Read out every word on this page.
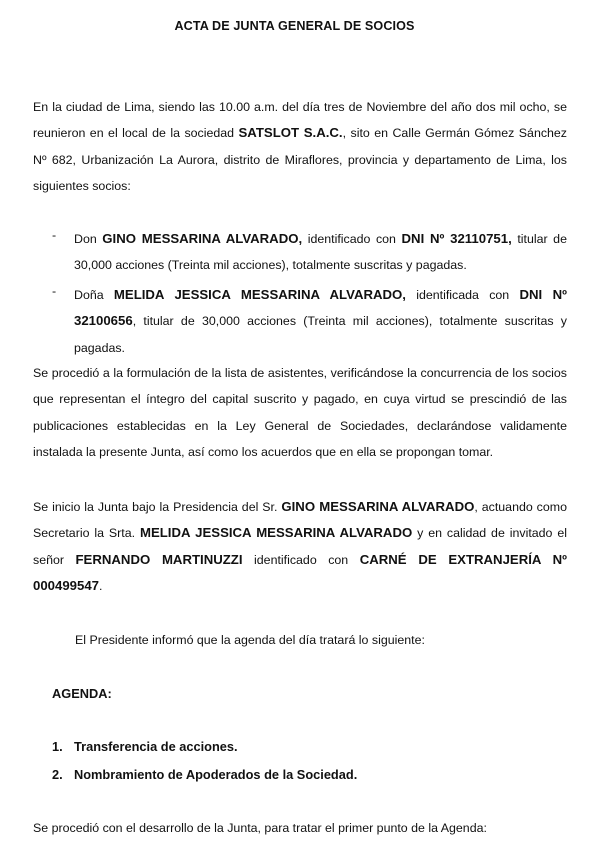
ACTA DE JUNTA GENERAL DE SOCIOS

En la ciudad de Lima, siendo las 10.00 a.m. del día tres de Noviembre del año dos mil ocho, se reunieron en el local de la sociedad SATSLOT S.A.C., sito en Calle Germán Gómez Sánchez Nº 682, Urbanización La Aurora, distrito de Miraflores, provincia y departamento de Lima, los siguientes socios:

- Don GINO MESSARINA ALVARADO, identificado con DNI Nº 32110751, titular de 30,000 acciones (Treinta mil acciones), totalmente suscritas y pagadas.

- Doña MELIDA JESSICA MESSARINA ALVARADO, identificada con DNI Nº 32100656, titular de 30,000 acciones (Treinta mil acciones), totalmente suscritas y pagadas.

Se procedió a la formulación de la lista de asistentes, verificándose la concurrencia de los socios que representan el íntegro del capital suscrito y pagado, en cuya virtud se prescindió de las publicaciones establecidas en la Ley General de Sociedades, declarándose validamente instalada la presente Junta, así como los acuerdos que en ella se propongan tomar.

Se inicio la Junta bajo la Presidencia del Sr. GINO MESSARINA ALVARADO, actuando como Secretario la Srta. MELIDA JESSICA MESSARINA ALVARADO y en calidad de invitado el señor FERNANDO MARTINUZZI identificado con CARNÉ DE EXTRANJERÍA Nº 000499547.

El Presidente informó que la agenda del día tratará lo siguiente:
AGENDA:
1. Transferencia de acciones.
2. Nombramiento de Apoderados de la Sociedad.
Se procedió con el desarrollo de la Junta, para tratar el primer punto de la Agenda:
